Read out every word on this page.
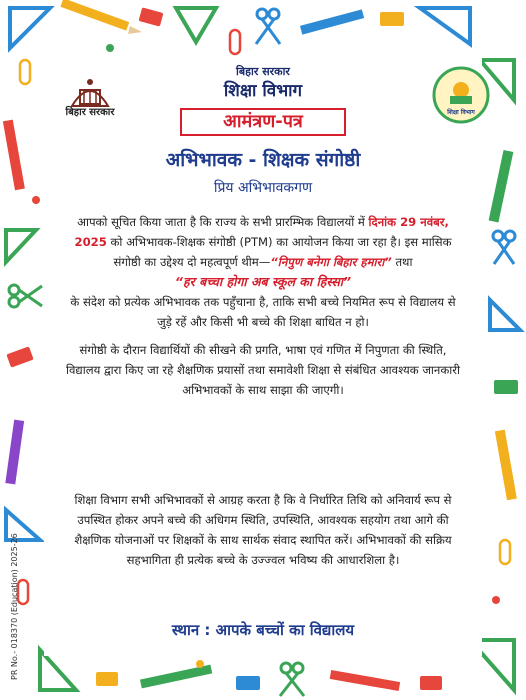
बिहार सरकार	शिक्षा विभाग
बिहार सरकार
शिक्षा विभाग
आमंत्रण-पत्र
अभिभावक - शिक्षक संगोष्ठी
प्रिय अभिभावकगण
आपको सूचित किया जाता है कि राज्य के सभी प्रारम्भिक विद्यालयों में दिनांक 29 नवंबर, 2025 को अभिभावक-शिक्षक संगोष्ठी (PTM) का आयोजन किया जा रहा है। इस मासिक संगोष्ठी का उद्देश्य दो महत्वपूर्ण थीम—“निपुण बनेगा बिहार हमारा” तथा
“हर बच्चा होगा अब स्कूल का हिस्सा”
के संदेश को प्रत्येक अभिभावक तक पहुँचाना है, ताकि सभी बच्चे नियमित रूप से विद्यालय से जुड़े रहें और किसी भी बच्चे की शिक्षा बाधित न हो।
संगोष्ठी के दौरान विद्यार्थियों की सीखने की प्रगति, भाषा एवं गणित में निपुणता की स्थिति, विद्यालय द्वारा किए जा रहे शैक्षणिक प्रयासों तथा समावेशी शिक्षा से संबंधित आवश्यक जानकारी अभिभावकों के साथ साझा की जाएगी।
शिक्षा विभाग सभी अभिभावकों से आग्रह करता है कि वे निर्धारित तिथि को अनिवार्य रूप से उपस्थित होकर अपने बच्चे की अधिगम स्थिति, उपस्थिति, आवश्यक सहयोग तथा आगे की शैक्षणिक योजनाओं पर शिक्षकों के साथ सार्थक संवाद स्थापित करें। अभिभावकों की सक्रिय सहभागिता ही प्रत्येक बच्चे के उज्ज्वल भविष्य की आधारशिला है।
स्थान : आपके बच्चों का विद्यालय
PR No.- 018370 (Education) 2025-26
